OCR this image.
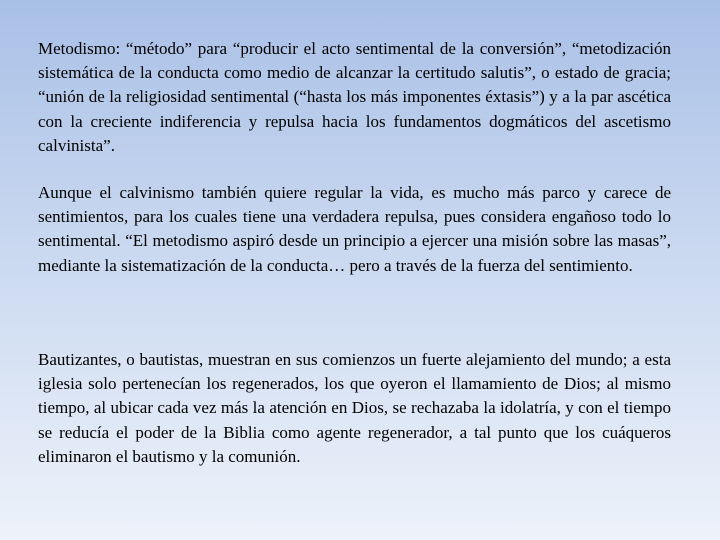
Metodismo: “método” para “producir el acto sentimental de la conversión”, “metodización sistemática de la conducta como medio de alcanzar la certitudo salutis”, o estado de gracia; “unión de la religiosidad sentimental (“hasta los más imponentes éxtasis”) y a la par ascética con la creciente indiferencia y repulsa hacia los fundamentos dogmáticos del ascetismo calvinista”.

Aunque el calvinismo también quiere regular la vida, es mucho más parco y carece de sentimientos, para los cuales tiene una verdadera repulsa, pues considera engañoso todo lo sentimental. “El metodismo aspiró desde un principio a ejercer una misión sobre las masas”, mediante la sistematización de la conducta… pero a través de la fuerza del sentimiento.

Bautizantes, o bautistas, muestran en sus comienzos un fuerte alejamiento del mundo; a esta iglesia solo pertenecían los regenerados, los que oyeron el llamamiento de Dios; al mismo tiempo, al ubicar cada vez más la atención en Dios, se rechazaba la idolatría, y con el tiempo se reducía el poder de la Biblia como agente regenerador, a tal punto que los cuáqueros eliminaron el bautismo y la comunión.
